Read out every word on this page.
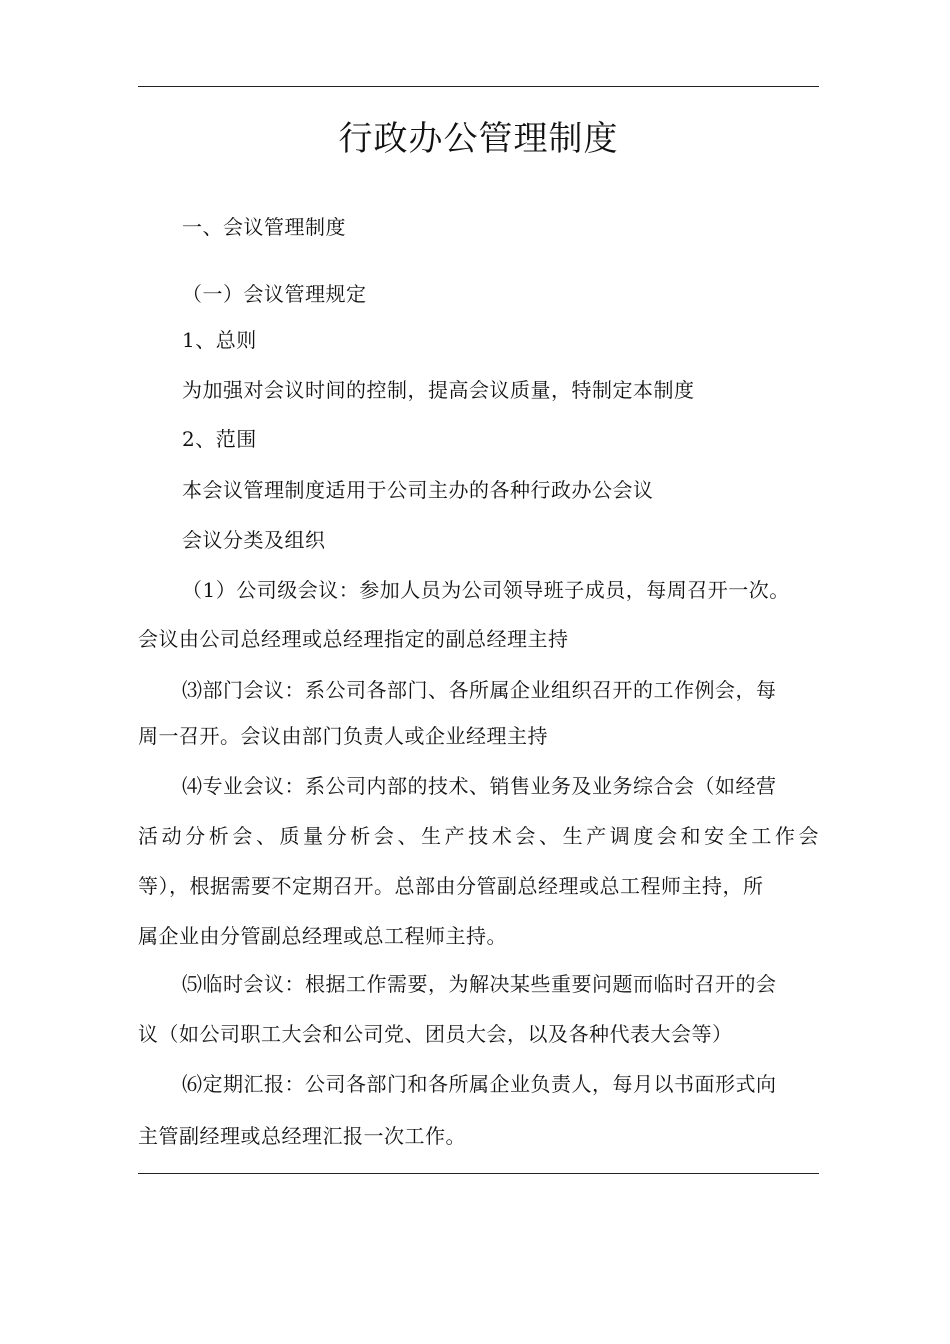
行政办公管理制度
一、会议管理制度
（一）会议管理规定
1、总则
为加强对会议时间的控制，提高会议质量，特制定本制度
2、范围
本会议管理制度适用于公司主办的各种行政办公会议
会议分类及组织
（1）公司级会议：参加人员为公司领导班子成员，每周召开一次。
会议由公司总经理或总经理指定的副总经理主持
⑶部门会议：系公司各部门、各所属企业组织召开的工作例会，每
周一召开。会议由部门负责人或企业经理主持
⑷专业会议：系公司内部的技术、销售业务及业务综合会（如经营
活动分析会、质量分析会、生产技术会、生产调度会和安全工作会
等），根据需要不定期召开。总部由分管副总经理或总工程师主持，所
属企业由分管副总经理或总工程师主持。
⑸临时会议：根据工作需要，为解决某些重要问题而临时召开的会
议（如公司职工大会和公司党、团员大会，以及各种代表大会等）
⑹定期汇报：公司各部门和各所属企业负责人，每月以书面形式向
主管副经理或总经理汇报一次工作。
